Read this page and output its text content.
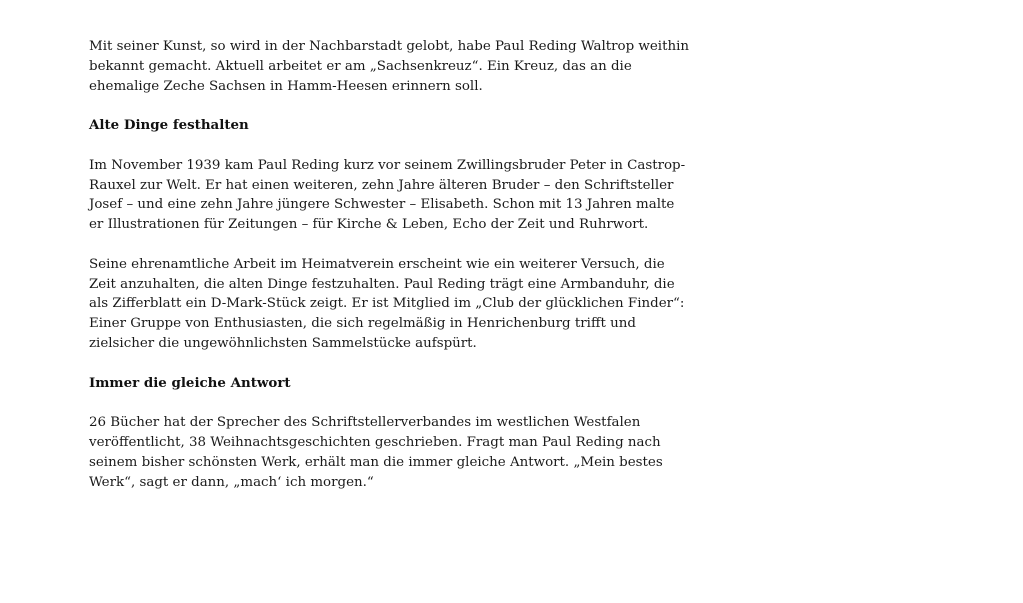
Mit seiner Kunst, so wird in der Nachbarstadt gelobt, habe Paul Reding Waltrop weithin
bekannt gemacht. Aktuell arbeitet er am „Sachsenkreuz“. Ein Kreuz, das an die
ehemalige Zeche Sachsen in Hamm-Heesen erinnern soll.

Alte Dinge festhalten

Im November 1939 kam Paul Reding kurz vor seinem Zwillingsbruder Peter in Castrop-
Rauxel zur Welt. Er hat einen weiteren, zehn Jahre älteren Bruder – den Schriftsteller
Josef – und eine zehn Jahre jüngere Schwester – Elisabeth. Schon mit 13 Jahren malte
er Illustrationen für Zeitungen – für Kirche & Leben, Echo der Zeit und Ruhrwort.

Seine ehrenamtliche Arbeit im Heimatverein erscheint wie ein weiterer Versuch, die
Zeit anzuhalten, die alten Dinge festzuhalten. Paul Reding trägt eine Armbanduhr, die
als Zifferblatt ein D-Mark-Stück zeigt. Er ist Mitglied im „Club der glücklichen Finder“:
Einer Gruppe von Enthusiasten, die sich regelmäßig in Henrichenburg trifft und
zielsicher die ungewöhnlichsten Sammelstücke aufspürt.

Immer die gleiche Antwort

26 Bücher hat der Sprecher des Schriftstellerverbandes im westlichen Westfalen
veröffentlicht, 38 Weihnachtsgeschichten geschrieben. Fragt man Paul Reding nach
seinem bisher schönsten Werk, erhält man die immer gleiche Antwort. „Mein bestes
Werk“, sagt er dann, „mach‘ ich morgen.“
